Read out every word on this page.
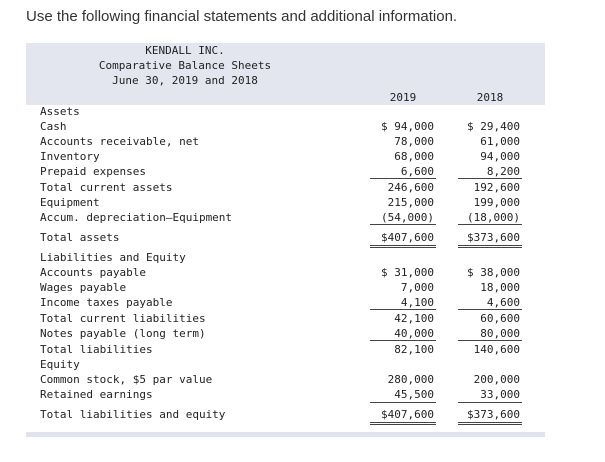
Use the following financial statements and additional information.
KENDALL INC.
Comparative Balance Sheets
June 30, 2019 and 2018
2019	2018
Assets
Cash	$ 94,000	$ 29,400
Accounts receivable, net	78,000	61,000
Inventory	68,000	94,000
Prepaid expenses	6,600	8,200
Total current assets	246,600	192,600
Equipment	215,000	199,000
Accum. depreciation–Equipment	(54,000)	(18,000)
Total assets	$407,600	$373,600
Liabilities and Equity
Accounts payable	$ 31,000	$ 38,000
Wages payable	7,000	18,000
Income taxes payable	4,100	4,600
Total current liabilities	42,100	60,600
Notes payable (long term)	40,000	80,000
Total liabilities	82,100	140,600
Equity
Common stock, $5 par value	280,000	200,000
Retained earnings	45,500	33,000
Total liabilities and equity	$407,600	$373,600
